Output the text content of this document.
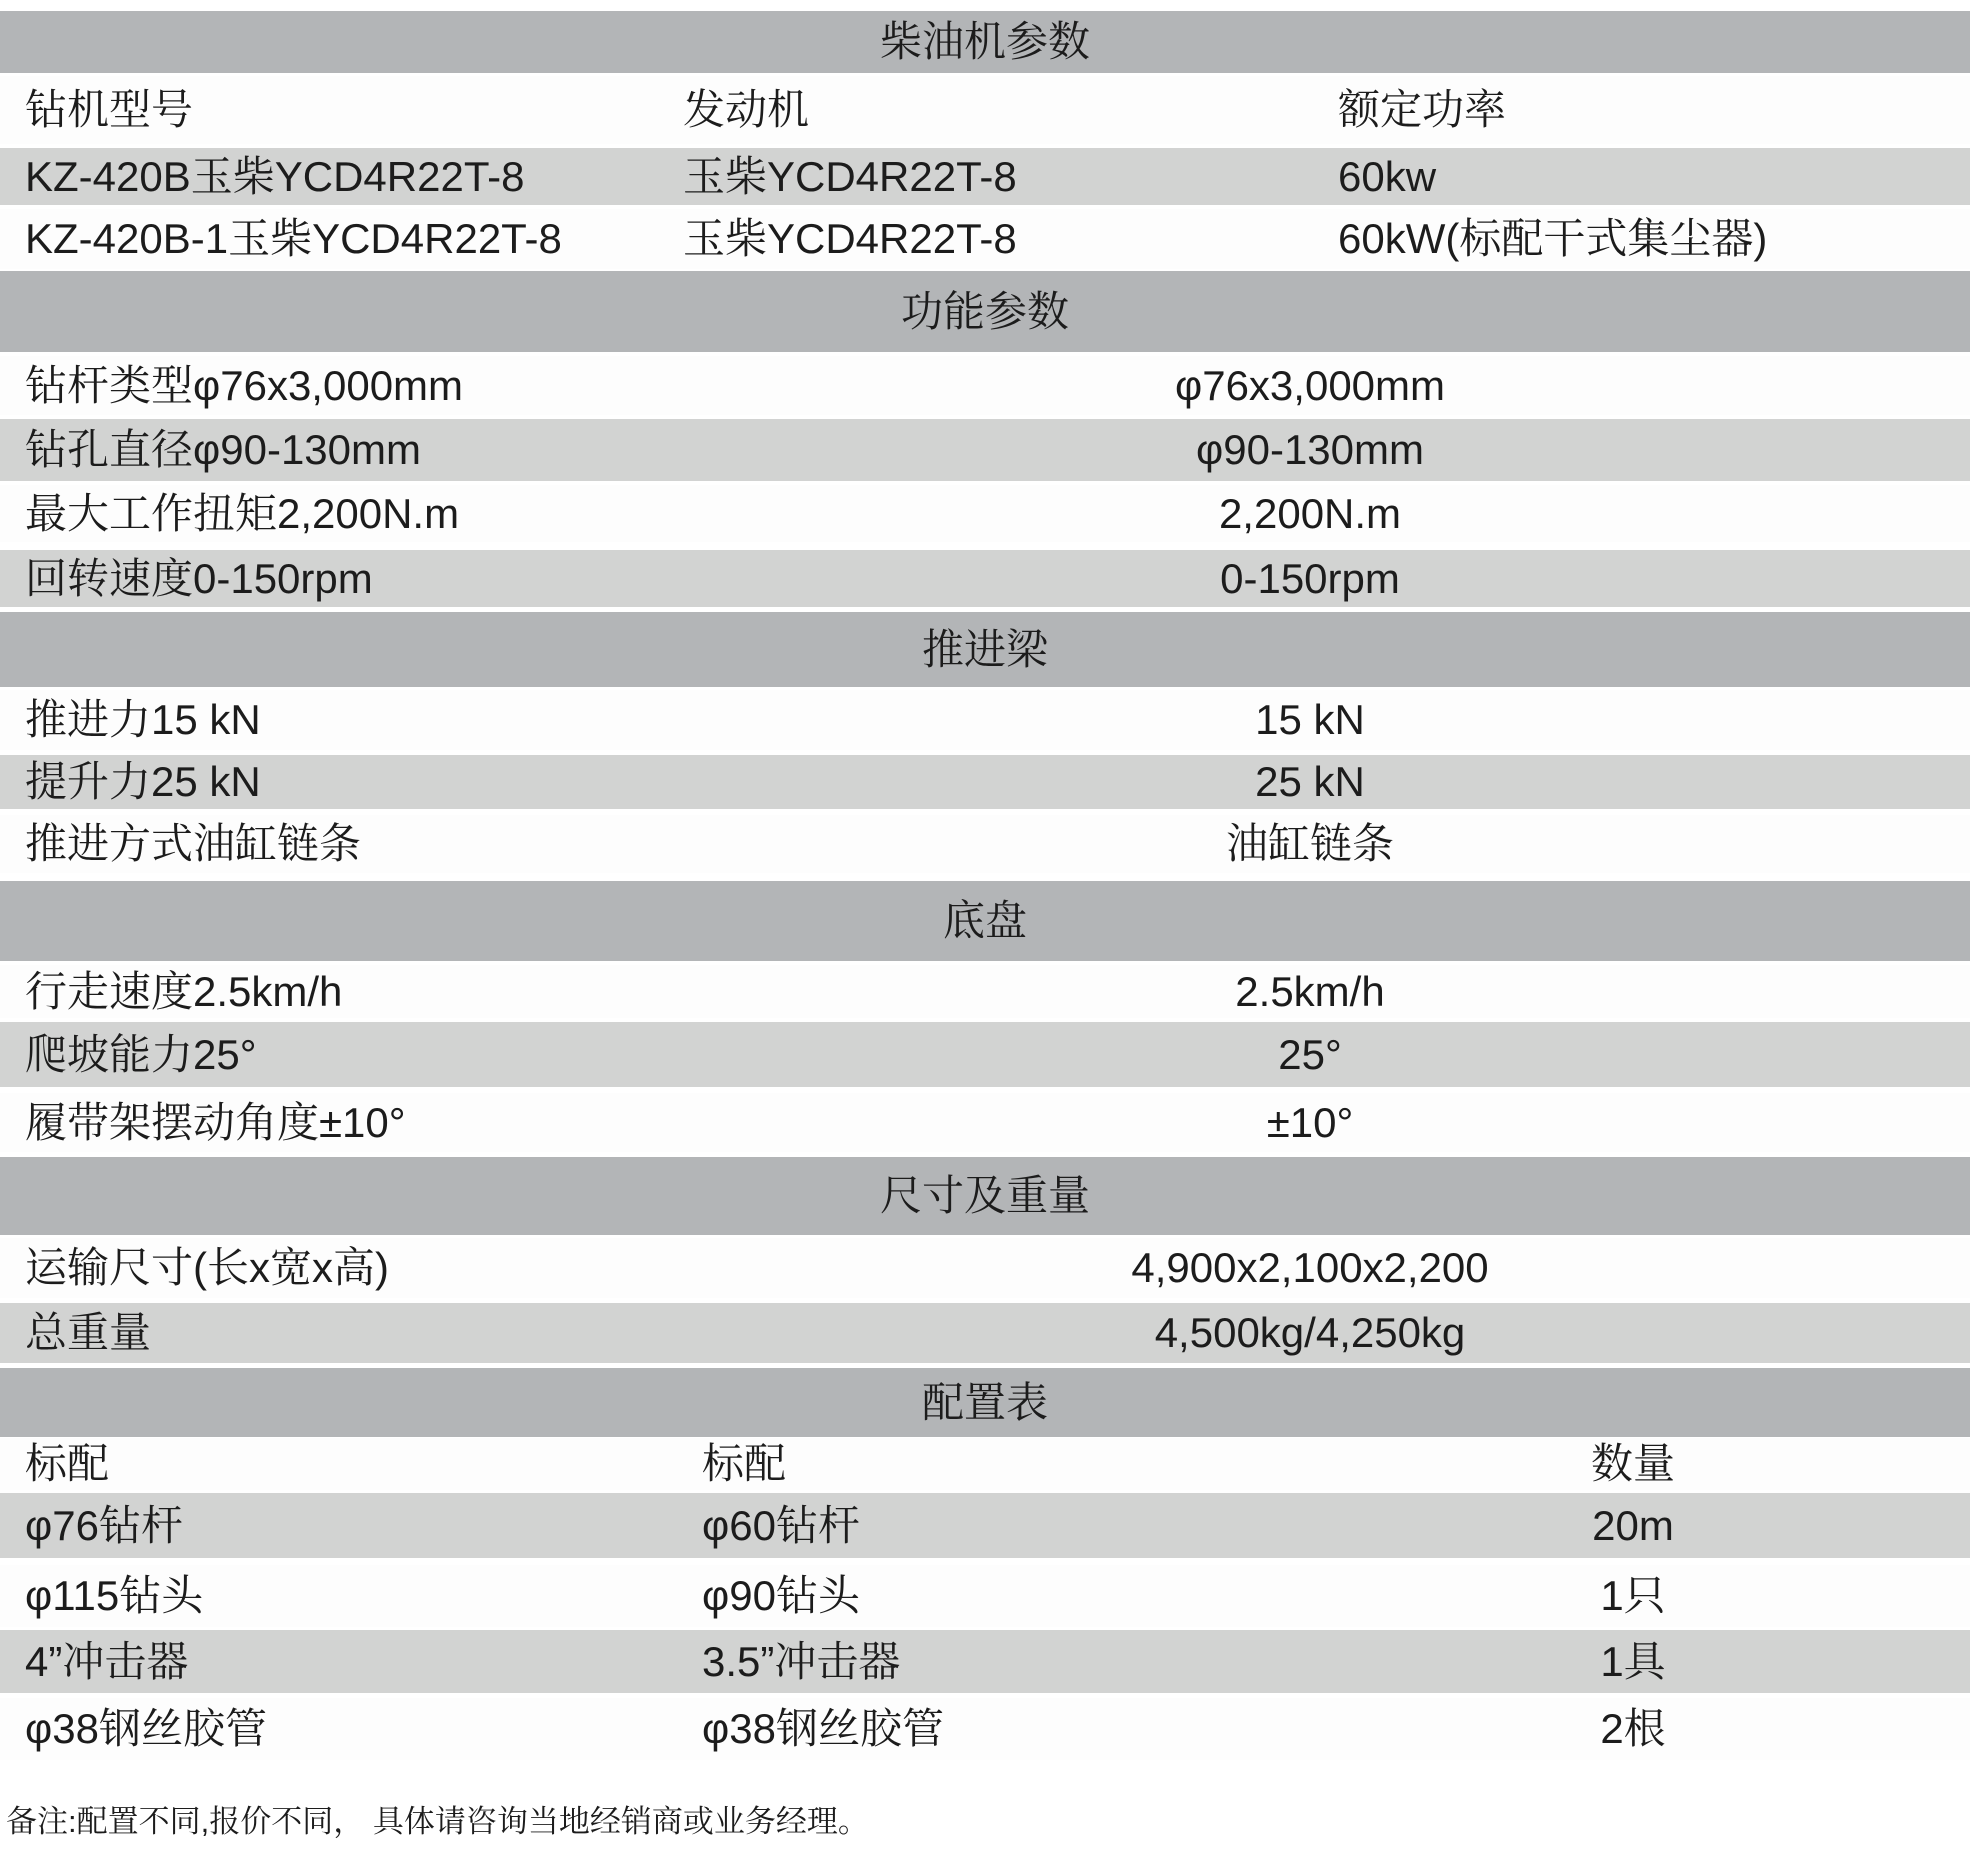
柴油机参数
钻机型号	发动机	额定功率
KZ-420B玉柴YCD4R22T-8	玉柴YCD4R22T-8	60kw
KZ-420B-1玉柴YCD4R22T-8	玉柴YCD4R22T-8	60kW(标配干式集尘器)
功能参数
钻杆类型φ76x3,000mm	φ76x3,000mm
钻孔直径φ90-130mm	φ90-130mm
最大工作扭矩2,200N.m	2,200N.m
回转速度0-150rpm	0-150rpm
推进梁
推进力15 kN	15 kN
提升力25 kN	25 kN
推进方式油缸链条	油缸链条
底盘
行走速度2.5km/h	2.5km/h
爬坡能力25°	25°
履带架摆动角度±10°	±10°
尺寸及重量
运输尺寸(长x宽x高)	4,900x2,100x2,200
总重量	4,500kg/4,250kg
配置表
标配	标配	数量
φ76钻杆	φ60钻杆	20m
φ115钻头	φ90钻头	1只
4”冲击器	3.5”冲击器	1具
φ38钢丝胶管	φ38钢丝胶管	2根
备注:配置不同,报价不同， 具体请咨询当地经销商或业务经理。
